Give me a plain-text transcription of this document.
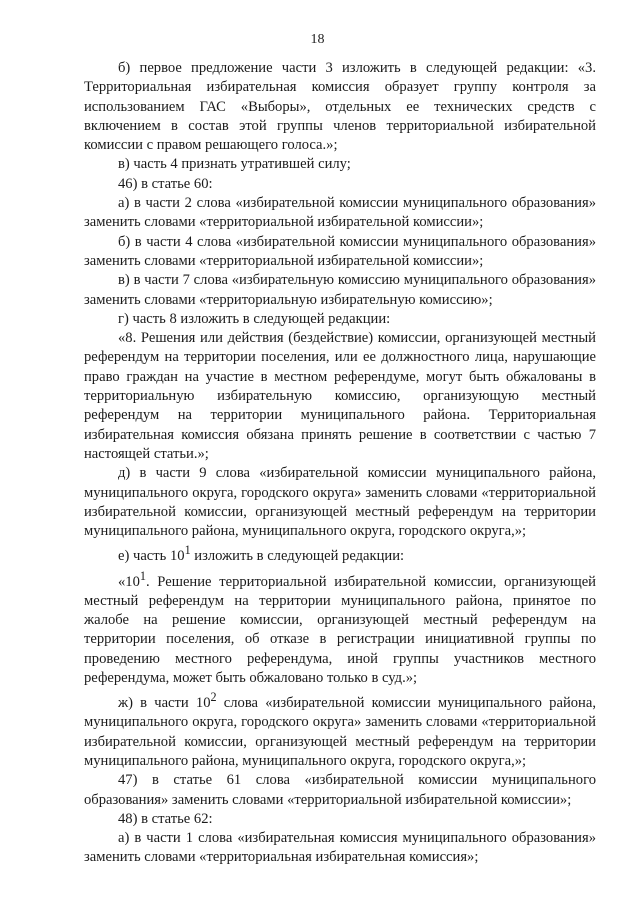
18

б) первое предложение части 3 изложить в следующей редакции: «3. Территориальная избирательная комиссия образует группу контроля за использованием ГАС «Выборы», отдельных ее технических средств с включением в состав этой группы членов территориальной избирательной комиссии с правом решающего голоса.»;

в) часть 4 признать утратившей силу;

46) в статье 60:

а) в части 2 слова «избирательной комиссии муниципального образования» заменить словами «территориальной избирательной комиссии»;

б) в части 4 слова «избирательной комиссии муниципального образования» заменить словами «территориальной избирательной комиссии»;

в) в части 7 слова «избирательную комиссию муниципального образования» заменить словами «территориальную избирательную комиссию»;

г) часть 8 изложить в следующей редакции:

«8. Решения или действия (бездействие) комиссии, организующей местный референдум на территории поселения, или ее должностного лица, нарушающие право граждан на участие в местном референдуме, могут быть обжалованы в территориальную избирательную комиссию, организующую местный референдум на территории муниципального района. Территориальная избирательная комиссия обязана принять решение в соответствии с частью 7 настоящей статьи.»;

д) в части 9 слова «избирательной комиссии муниципального района, муниципального округа, городского округа» заменить словами «территориальной избирательной комиссии, организующей местный референдум на территории муниципального района, муниципального округа, городского округа,»;

е) часть $10^1$ изложить в следующей редакции:

«$10^1$. Решение территориальной избирательной комиссии, организующей местный референдум на территории муниципального района, принятое по жалобе на решение комиссии, организующей местный референдум на территории поселения, об отказе в регистрации инициативной группы по проведению местного референдума, иной группы участников местного референдума, может быть обжаловано только в суд.»;

ж) в части $10^2$ слова «избирательной комиссии муниципального района, муниципального округа, городского округа» заменить словами «территориальной избирательной комиссии, организующей местный референдум на территории муниципального района, муниципального округа, городского округа,»;

47) в статье 61 слова «избирательной комиссии муниципального образования» заменить словами «территориальной избирательной комиссии»;

48) в статье 62:

а) в части 1 слова «избирательная комиссия муниципального образования» заменить словами «территориальная избирательная комиссия»;
